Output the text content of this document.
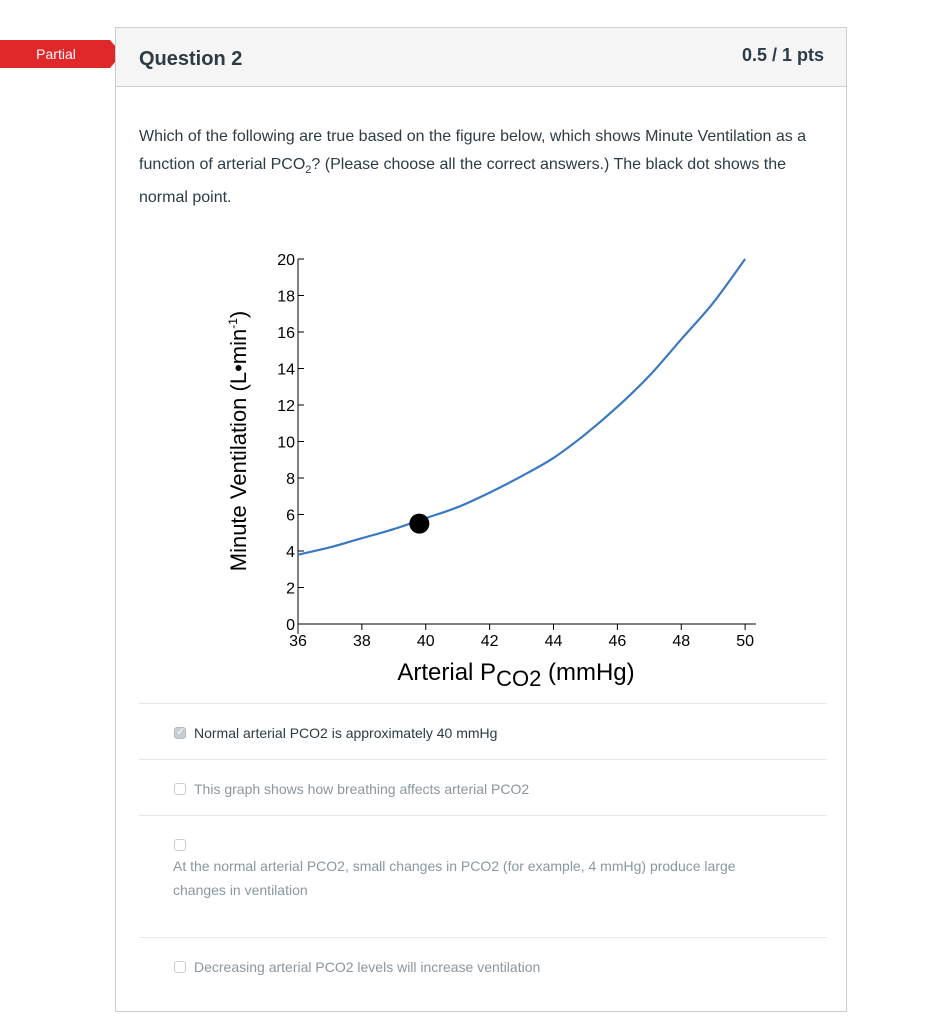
Partial	Question 2	0.5 / 1 pts
Which of the following are true based on the figure below, which shows Minute Ventilation as a function of arterial $PCO_2$? (Please choose all the correct answers.) The black dot shows the normal point.
0
2
4
6
8
10
12
14
16
18
20
36	38	40	42	44	46	48	50
Minute Ventilation $(L•\min^{-1})$
Arterial PCO2 (mmHg)
✓Normal arterial PCO2 is approximately 40 mmHg
This graph shows how breathing affects arterial PCO2
At the normal arterial PCO2, small changes in PCO2 (for example, 4 mmHg) produce large changes in ventilation
Decreasing arterial PCO2 levels will increase ventilation
